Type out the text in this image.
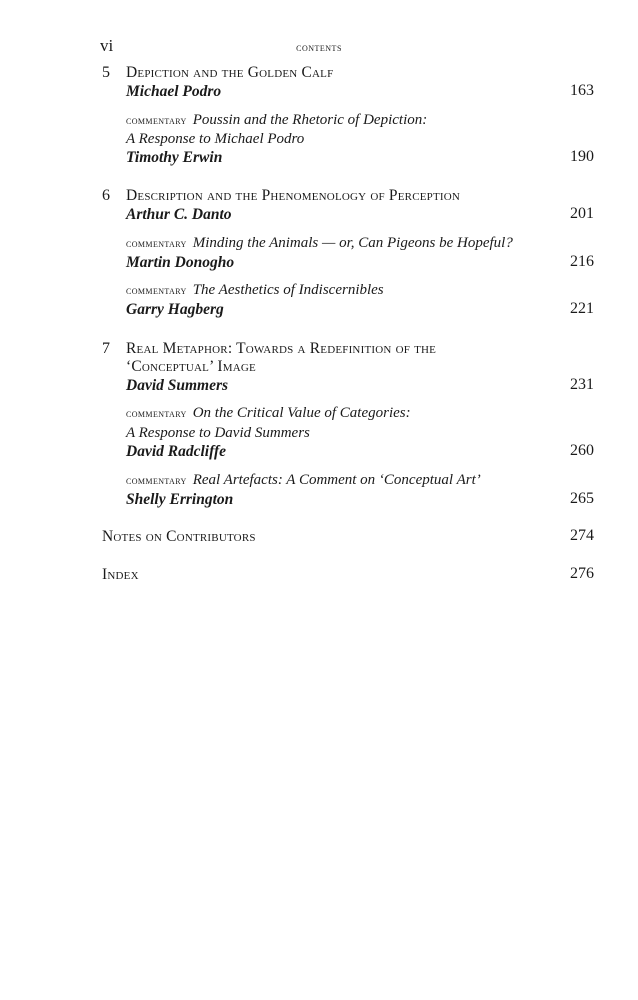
vi	contents
5 Depiction and the Golden Calf
Michael Podro	163
commentary Poussin and the Rhetoric of Depiction:
A Response to Michael Podro
Timothy Erwin	190
6 Description and the Phenomenology of Perception
Arthur C. Danto	201
commentary Minding the Animals — or, Can Pigeons be Hopeful?
Martin Donogho	216
commentary The Aesthetics of Indiscernibles
Garry Hagberg	221
7 Real Metaphor: Towards a Redefinition of the
‘Conceptual’ Image
David Summers	231
commentary On the Critical Value of Categories:
A Response to David Summers
David Radcliffe	260
commentary Real Artefacts: A Comment on ‘Conceptual Art’
Shelly Errington	265
Notes on Contributors	274
Index	276
